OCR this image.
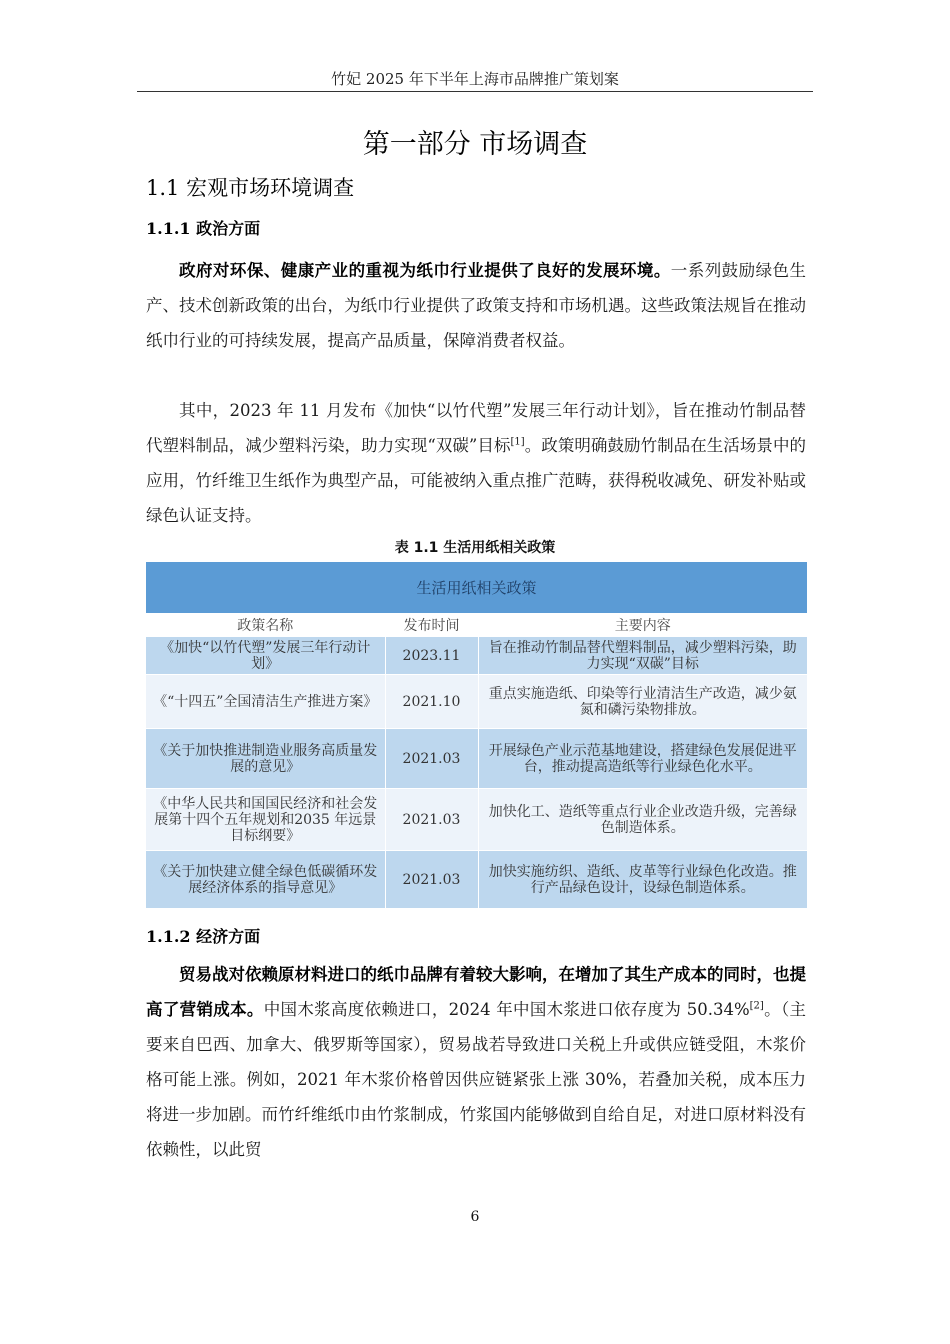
竹妃 2025 年下半年上海市品牌推广策划案
第一部分 市场调查
1.1 宏观市场环境调查
1.1.1 政治方面
政府对环保、健康产业的重视为纸巾行业提供了良好的发展环境。一系列鼓励绿色生产、技术创新政策的出台，为纸巾行业提供了政策支持和市场机遇。这些政策法规旨在推动纸巾行业的可持续发展，提高产品质量，保障消费者权益。
其中，2023 年 11 月发布《加快“以竹代塑”发展三年行动计划》，旨在推动竹制品替代塑料制品，减少塑料污染，助力实现“双碳”目标[1]。政策明确鼓励竹制品在生活场景中的应用，竹纤维卫生纸作为典型产品，可能被纳入重点推广范畴，获得税收减免、研发补贴或绿色认证支持。
表 1.1 生活用纸相关政策
生活用纸相关政策
政策名称	发布时间	主要内容
《加快“以竹代塑”发展三年行动计划》	2023.11	旨在推动竹制品替代塑料制品，减少塑料污染，助力实现“双碳”目标
《“十四五”全国清洁生产推进方案》	2021.10	重点实施造纸、印染等行业清洁生产改造，减少氨氮和磷污染物排放。
《关于加快推进制造业服务高质量发展的意见》	2021.03	开展绿色产业示范基地建设，搭建绿色发展促进平台，推动提高造纸等行业绿色化水平。
《中华人民共和国国民经济和社会发展第十四个五年规划和2035 年远景目标纲要》	2021.03	加快化工、造纸等重点行业企业改造升级，完善绿色制造体系。
《关于加快建立健全绿色低碳循环发展经济体系的指导意见》	2021.03	加快实施纺织、造纸、皮革等行业绿色化改造。推行产品绿色设计，设绿色制造体系。
1.1.2 经济方面
贸易战对依赖原材料进口的纸巾品牌有着较大影响，在增加了其生产成本的同时，也提高了营销成本。中国木浆高度依赖进口，2024 年中国木浆进口依存度为 50.34%[2]。（主要来自巴西、加拿大、俄罗斯等国家），贸易战若导致进口关税上升或供应链受阻，木浆价格可能上涨。例如，2021 年木浆价格曾因供应链紧张上涨 30%，若叠加关税，成本压力将进一步加剧。而竹纤维纸巾由竹浆制成，竹浆国内能够做到自给自足，对进口原材料没有依赖性，以此贸
6
